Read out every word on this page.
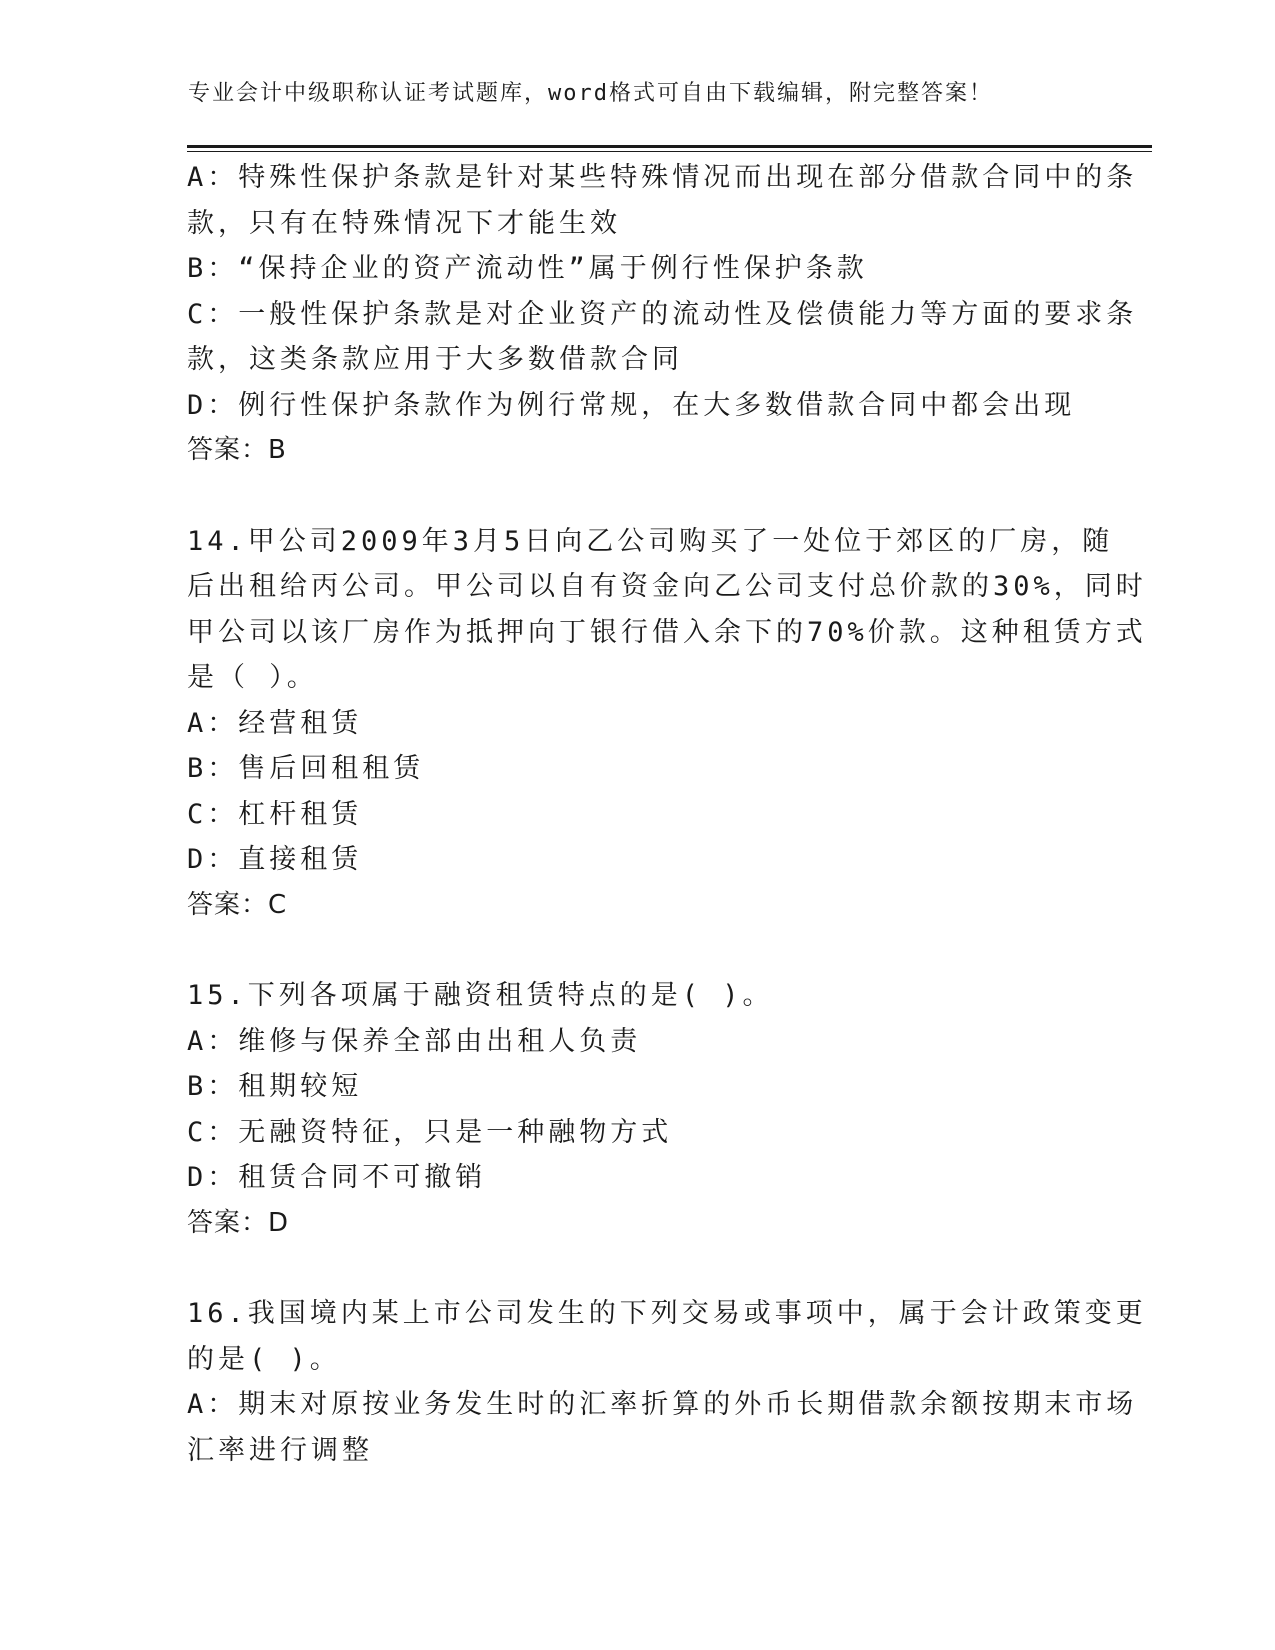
专业会计中级职称认证考试题库，word格式可自由下载编辑，附完整答案！
A：特殊性保护条款是针对某些特殊情况而出现在部分借款合同中的条
款，只有在特殊情况下才能生效
B：“保持企业的资产流动性”属于例行性保护条款
C：一般性保护条款是对企业资产的流动性及偿债能力等方面的要求条
款，这类条款应用于大多数借款合同
D：例行性保护条款作为例行常规，在大多数借款合同中都会出现
答案：B
14.甲公司2009年3月5日向乙公司购买了一处位于郊区的厂房，随
后出租给丙公司。甲公司以自有资金向乙公司支付总价款的30%，同时
甲公司以该厂房作为抵押向丁银行借入余下的70%价款。这种租赁方式
是（ ）。
A：经营租赁
B：售后回租租赁
C：杠杆租赁
D：直接租赁
答案：C
15.下列各项属于融资租赁特点的是( )。
A：维修与保养全部由出租人负责
B：租期较短
C：无融资特征，只是一种融物方式
D：租赁合同不可撤销
答案：D
16.我国境内某上市公司发生的下列交易或事项中，属于会计政策变更
的是( )。
A：期末对原按业务发生时的汇率折算的外币长期借款余额按期末市场
汇率进行调整
